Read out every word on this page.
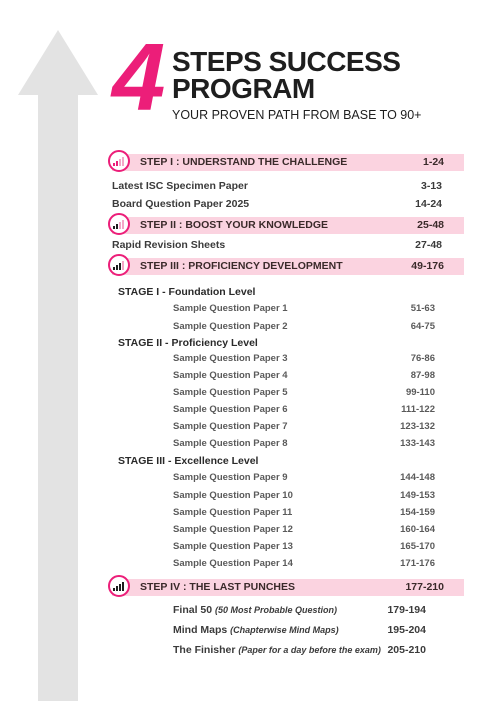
4 STEPS SUCCESS
PROGRAM
YOUR PROVEN PATH FROM BASE TO 90+
STEP I : UNDERSTAND THE CHALLENGE	1-24
Latest ISC Specimen Paper	3-13
Board Question Paper 2025	14-24
STEP II : BOOST YOUR KNOWLEDGE	25-48
Rapid Revision Sheets	27-48
STEP III : PROFICIENCY DEVELOPMENT	49-176
STAGE I - Foundation Level
Sample Question Paper 1	51-63
Sample Question Paper 2	64-75
STAGE II - Proficiency Level
Sample Question Paper 3	76-86
Sample Question Paper 4	87-98
Sample Question Paper 5	99-110
Sample Question Paper 6	111-122
Sample Question Paper 7	123-132
Sample Question Paper 8	133-143
STAGE III - Excellence Level
Sample Question Paper 9	144-148
Sample Question Paper 10	149-153
Sample Question Paper 11	154-159
Sample Question Paper 12	160-164
Sample Question Paper 13	165-170
Sample Question Paper 14	171-176
STEP IV : THE LAST PUNCHES	177-210
Final 50 (50 Most Probable Question)	179-194
Mind Maps (Chapterwise Mind Maps)	195-204
The Finisher (Paper for a day before the exam) 205-210
